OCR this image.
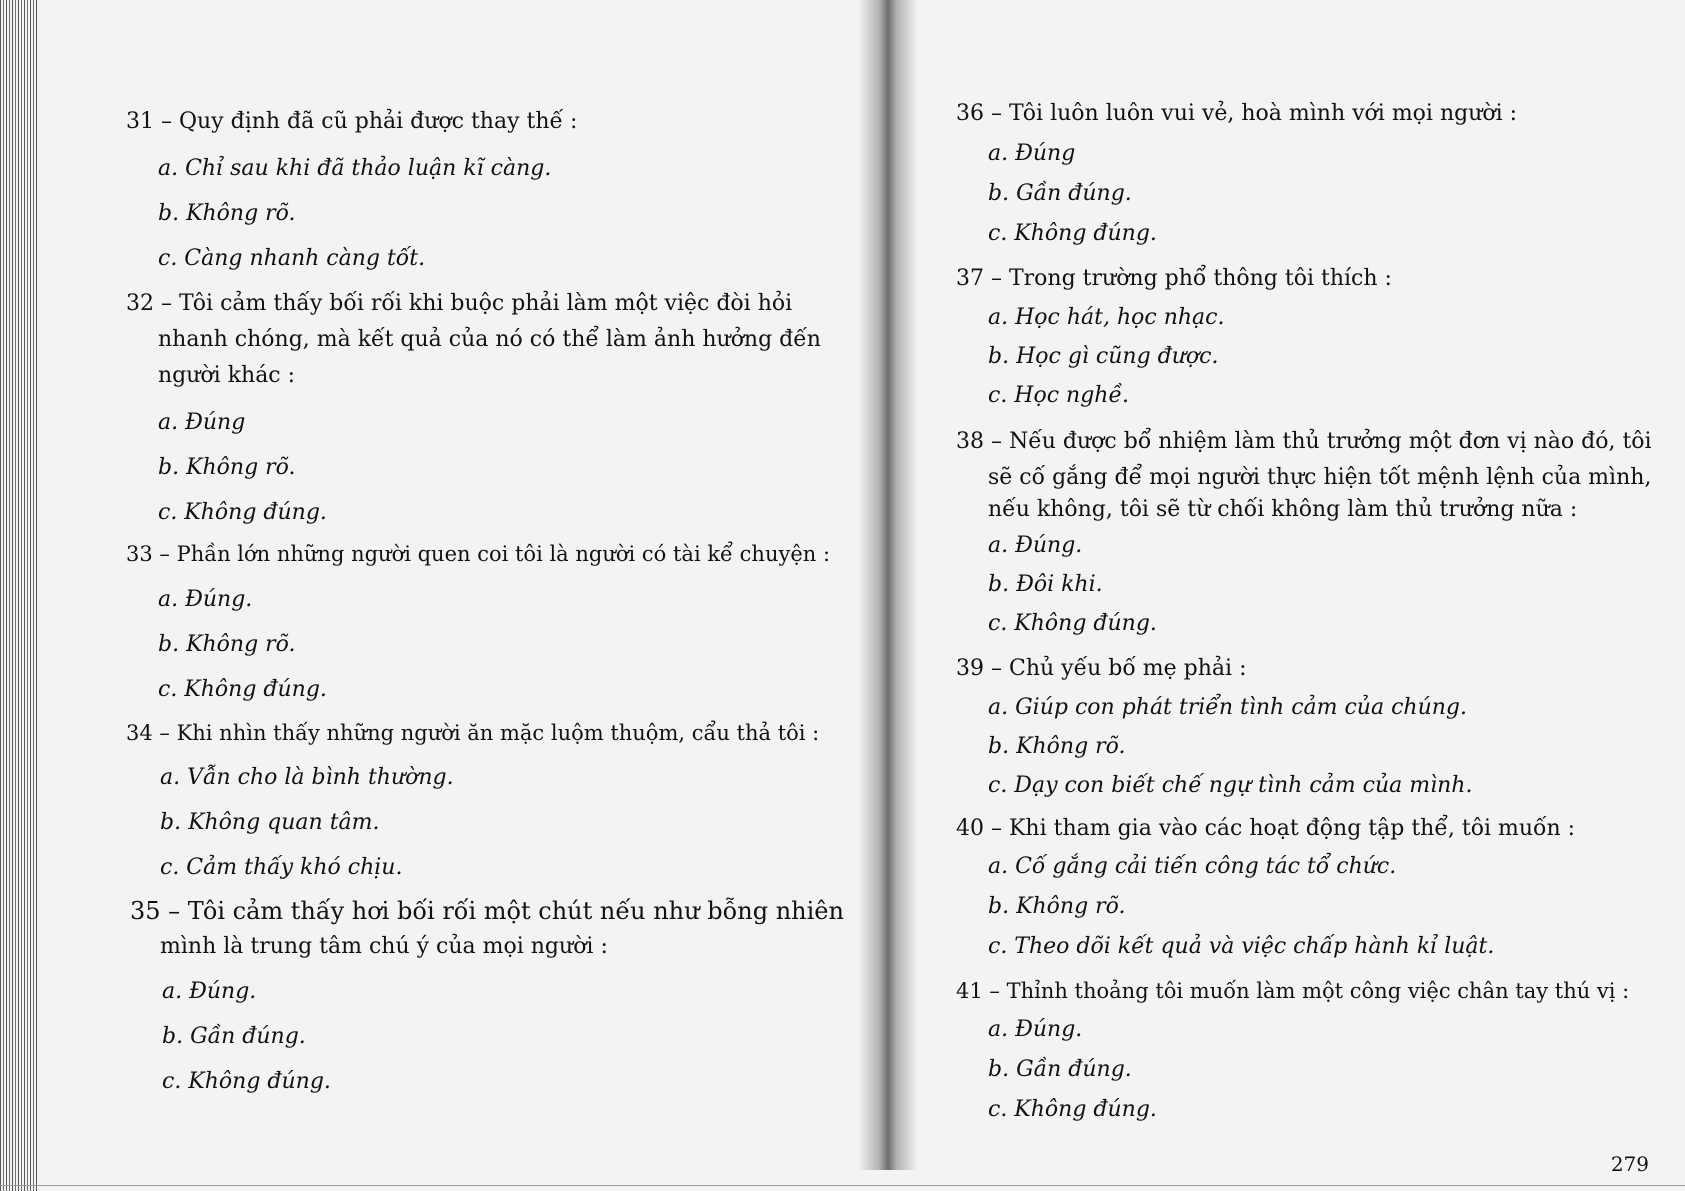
31 – Quy định đã cũ phải được thay thế :
a. Chỉ sau khi đã thảo luận kĩ càng.
b. Không rõ.
c. Càng nhanh càng tốt.
32 – Tôi cảm thấy bối rối khi buộc phải làm một việc đòi hỏi
nhanh chóng, mà kết quả của nó có thể làm ảnh hưởng đến
người khác :
a. Đúng
b. Không rõ.
c. Không đúng.
33 – Phần lớn những người quen coi tôi là người có tài kể chuyện :
a. Đúng.
b. Không rõ.
c. Không đúng.
34 – Khi nhìn thấy những người ăn mặc luộm thuộm, cẩu thả tôi :
a. Vẫn cho là bình thường.
b. Không quan tâm.
c. Cảm thấy khó chịu.
35 – Tôi cảm thấy hơi bối rối một chút nếu như bỗng nhiên
mình là trung tâm chú ý của mọi người :
a. Đúng.
b. Gần đúng.
c. Không đúng.
36 – Tôi luôn luôn vui vẻ, hoà mình với mọi người :
a. Đúng
b. Gần đúng.
c. Không đúng.
37 – Trong trường phổ thông tôi thích :
a. Học hát, học nhạc.
b. Học gì cũng được.
c. Học nghề.
38 – Nếu được bổ nhiệm làm thủ trưởng một đơn vị nào đó, tôi
sẽ cố gắng để mọi người thực hiện tốt mệnh lệnh của mình,
nếu không, tôi sẽ từ chối không làm thủ trưởng nữa :
a. Đúng.
b. Đôi khi.
c. Không đúng.
39 – Chủ yếu bố mẹ phải :
a. Giúp con phát triển tình cảm của chúng.
b. Không rõ.
c. Dạy con biết chế ngự tình cảm của mình.
40 – Khi tham gia vào các hoạt động tập thể, tôi muốn :
a. Cố gắng cải tiến công tác tổ chức.
b. Không rõ.
c. Theo dõi kết quả và việc chấp hành kỉ luật.
41 – Thỉnh thoảng tôi muốn làm một công việc chân tay thú vị :
a. Đúng.
b. Gần đúng.
c. Không đúng.
279
